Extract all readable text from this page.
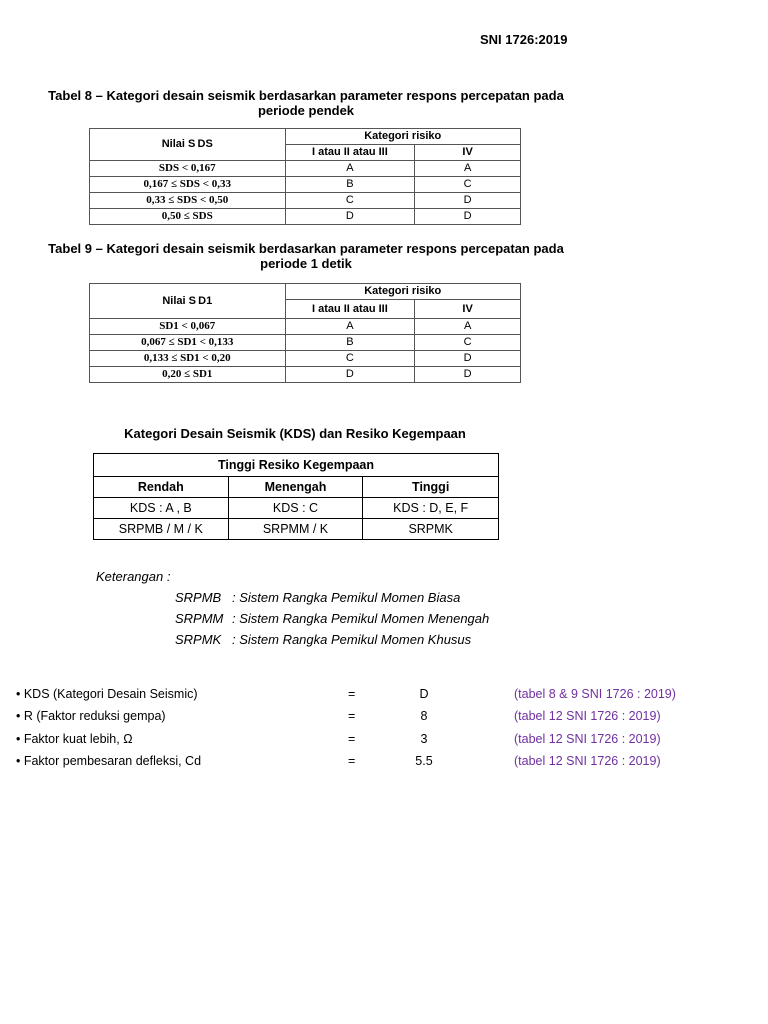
SNI 1726:2019
Tabel 8 – Kategori desain seismik berdasarkan parameter respons percepatan pada
periode pendek
Nilai S DS	Kategori risiko	
	I atau II atau III	IV
SDS < 0,167	A	A
0,167 ≤ SDS < 0,33	B	C
0,33 ≤ SDS < 0,50	C	D
0,50 ≤ SDS	D	D
Tabel 9 – Kategori desain seismik berdasarkan parameter respons percepatan pada
periode 1 detik
Nilai S D1	Kategori risiko	
	I atau II atau III	IV
SD1 < 0,067	A	A
0,067 ≤ SD1 < 0,133	B	C
0,133 ≤ SD1 < 0,20	C	D
0,20 ≤ SD1	D	D
Kategori Desain Seismik (KDS) dan Resiko Kegempaan
Tinggi Resiko Kegempaan		
Rendah	Menengah	Tinggi
KDS : A , B	KDS : C	KDS : D, E, F
SRPMB / M / K	SRPMM / K	SRPMK
Keterangan :
SRPMB : Sistem Rangka Pemikul Momen Biasa
SRPMM : Sistem Rangka Pemikul Momen Menengah
SRPMK : Sistem Rangka Pemikul Momen Khusus
• KDS (Kategori Desain Seismic)	=	D	(tabel 8 & 9 SNI 1726 : 2019)
• R (Faktor reduksi gempa)	=	8	(tabel 12 SNI 1726 : 2019)
• Faktor kuat lebih, Ω	=	3	(tabel 12 SNI 1726 : 2019)
• Faktor pembesaran defleksi, Cd	=	5.5	(tabel 12 SNI 1726 : 2019)
